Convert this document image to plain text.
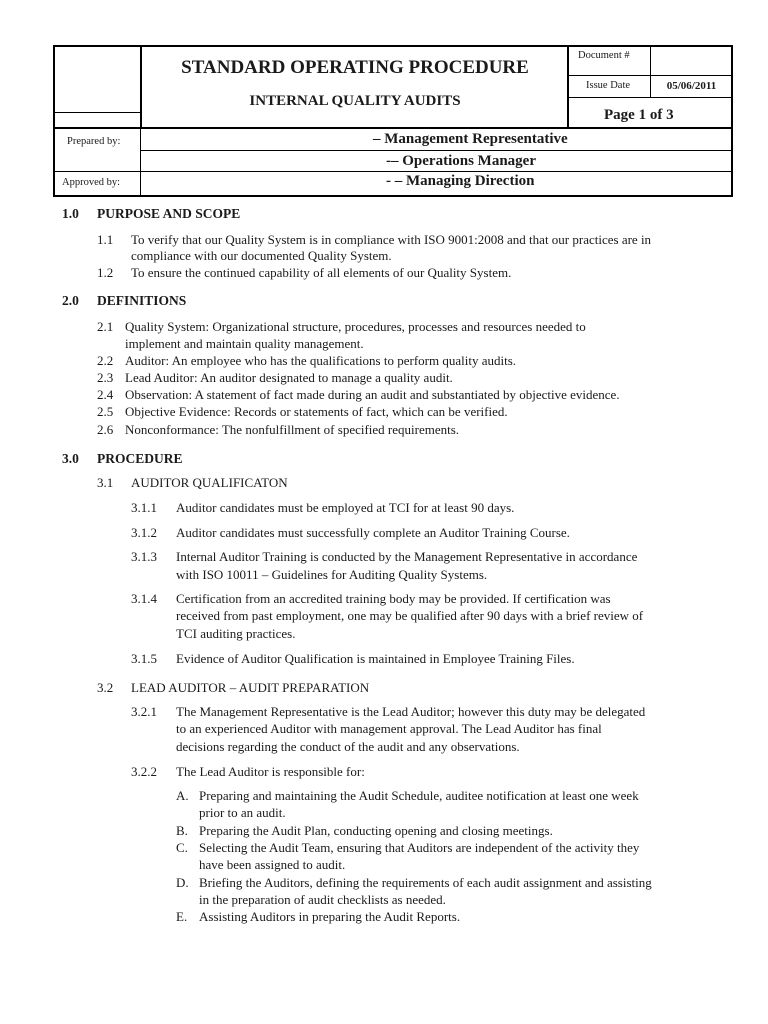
STANDARD OPERATING PROCEDURE
INTERNAL QUALITY AUDITS
Document #
Issue Date	05/06/2011
Page 1 of 3
Prepared by:
Approved by:
– Management Representative
-– Operations Manager
- – Managing Direction
1.0 PURPOSE AND SCOPE
1.1 To verify that our Quality System is in compliance with ISO 9001:2008 and that our practices are in
compliance with our documented Quality System.
1.2 To ensure the continued capability of all elements of our Quality System.
2.0 DEFINITIONS
2.1 Quality System: Organizational structure, procedures, processes and resources needed to
implement and maintain quality management.
2.2 Auditor: An employee who has the qualifications to perform quality audits.
2.3 Lead Auditor: An auditor designated to manage a quality audit.
2.4 Observation: A statement of fact made during an audit and substantiated by objective evidence.
2.5 Objective Evidence: Records or statements of fact, which can be verified.
2.6 Nonconformance: The nonfulfillment of specified requirements.
3.0 PROCEDURE
3.1 AUDITOR QUALIFICATON
3.1.1 Auditor candidates must be employed at TCI for at least 90 days.
3.1.2 Auditor candidates must successfully complete an Auditor Training Course.
3.1.3 Internal Auditor Training is conducted by the Management Representative in accordance
with ISO 10011 – Guidelines for Auditing Quality Systems.
3.1.4 Certification from an accredited training body may be provided. If certification was
received from past employment, one may be qualified after 90 days with a brief review of
TCI auditing practices.
3.1.5 Evidence of Auditor Qualification is maintained in Employee Training Files.
3.2 LEAD AUDITOR – AUDIT PREPARATION
3.2.1 The Management Representative is the Lead Auditor; however this duty may be delegated
to an experienced Auditor with management approval. The Lead Auditor has final
decisions regarding the conduct of the audit and any observations.
3.2.2 The Lead Auditor is responsible for:
A. Preparing and maintaining the Audit Schedule, auditee notification at least one week
prior to an audit.
B. Preparing the Audit Plan, conducting opening and closing meetings.
C. Selecting the Audit Team, ensuring that Auditors are independent of the activity they
have been assigned to audit.
D. Briefing the Auditors, defining the requirements of each audit assignment and assisting
in the preparation of audit checklists as needed.
E. Assisting Auditors in preparing the Audit Reports.
